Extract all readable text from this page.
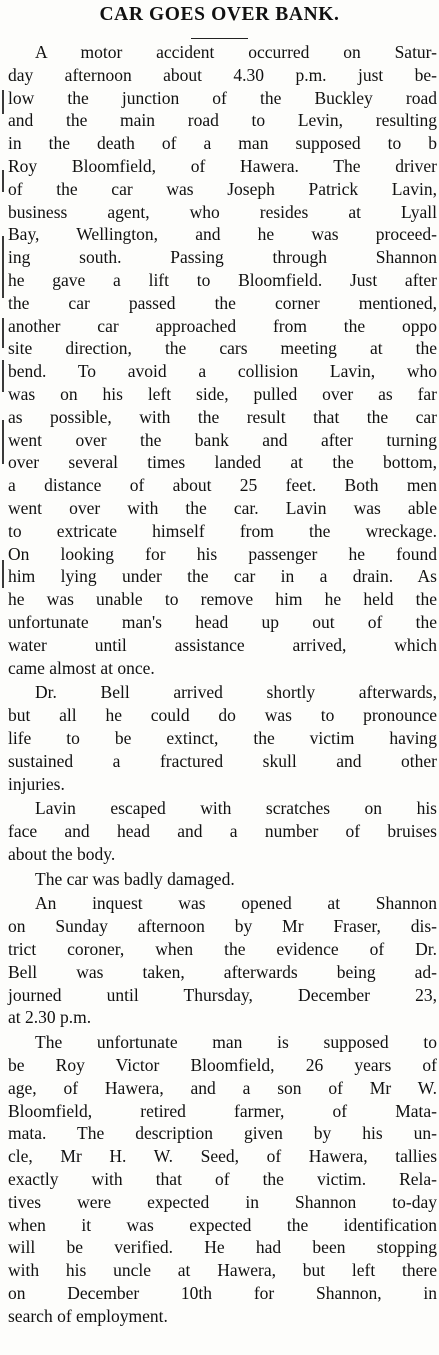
CAR GOES OVER BANK.
A motor accident occurred on Satur-
day afternoon about 4.30 p.m. just be-
low the junction of the Buckley road
and the main road to Levin, resulting
in the death of a man supposed to b
Roy Bloomfield, of Hawera. The driver
of the car was Joseph Patrick Lavin,
business agent, who resides at Lyall
Bay, Wellington, and he was proceed-
ing south. Passing through Shannon
he gave a lift to Bloomfield. Just after
the car passed the corner mentioned,
another car approached from the oppo
site direction, the cars meeting at the
bend. To avoid a collision Lavin, who
was on his left side, pulled over as far
as possible, with the result that the car
went over the bank and after turning
over several times landed at the bottom,
a distance of about 25 feet. Both men
went over with the car. Lavin was able
to extricate himself from the wreckage.
On looking for his passenger he found
him lying under the car in a drain. As
he was unable to remove him he held the
unfortunate man's head up out of the
water until assistance arrived, which
came almost at once.
Dr. Bell arrived shortly afterwards,
but all he could do was to pronounce
life to be extinct, the victim having
sustained a fractured skull and other
injuries.
Lavin escaped with scratches on his
face and head and a number of bruises
about the body.
The car was badly damaged.
An inquest was opened at Shannon
on Sunday afternoon by Mr Fraser, dis-
trict coroner, when the evidence of Dr.
Bell was taken, afterwards being ad-
journed until Thursday, December 23,
at 2.30 p.m.
The unfortunate man is supposed to
be Roy Victor Bloomfield, 26 years of
age, of Hawera, and a son of Mr W.
Bloomfield, retired farmer, of Mata-
mata. The description given by his un-
cle, Mr H. W. Seed, of Hawera, tallies
exactly with that of the victim. Rela-
tives were expected in Shannon to-day
when it was expected the identification
will be verified. He had been stopping
with his uncle at Hawera, but left there
on December 10th for Shannon, in
search of employment.
